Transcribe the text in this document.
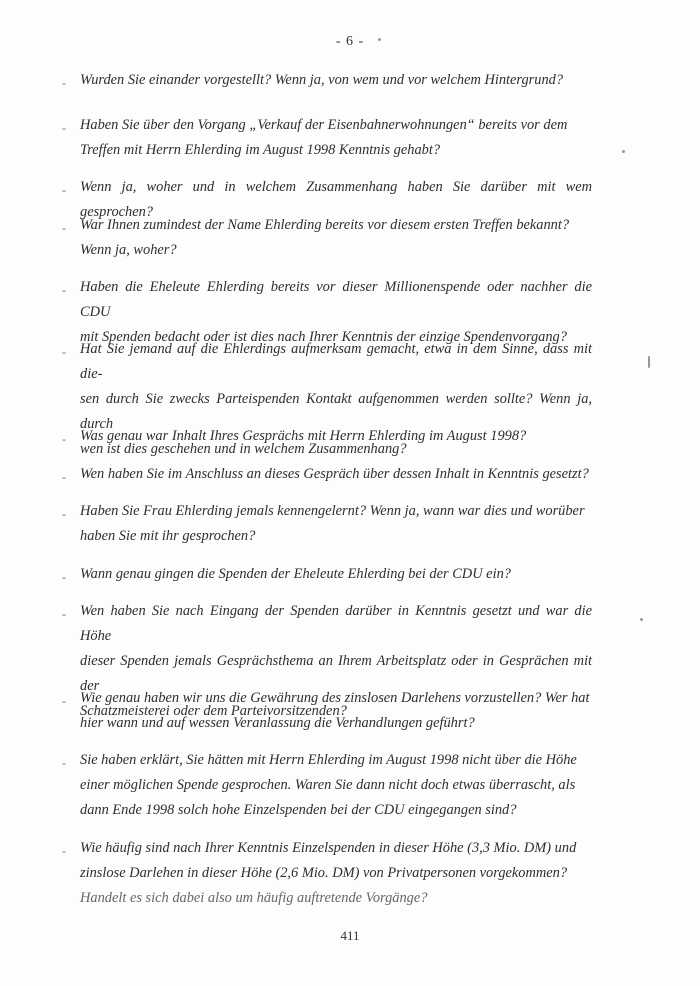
- 6 -
Wurden Sie einander vorgestellt? Wenn ja, von wem und vor welchem Hintergrund?
Haben Sie über den Vorgang „Verkauf der Eisenbahnerwohnungen“ bereits vor dem
Treffen mit Herrn Ehlerding im August 1998 Kenntnis gehabt?
Wenn ja, woher und in welchem Zusammenhang haben Sie darüber mit wem gesprochen?
War Ihnen zumindest der Name Ehlerding bereits vor diesem ersten Treffen bekannt?
Wenn ja, woher?
Haben die Eheleute Ehlerding bereits vor dieser Millionenspende oder nachher die CDU
mit Spenden bedacht oder ist dies nach Ihrer Kenntnis der einzige Spendenvorgang?
Hat Sie jemand auf die Ehlerdings aufmerksam gemacht, etwa in dem Sinne, dass mit die-
sen durch Sie zwecks Parteispenden Kontakt aufgenommen werden sollte? Wenn ja, durch
wen ist dies geschehen und in welchem Zusammenhang?
Was genau war Inhalt Ihres Gesprächs mit Herrn Ehlerding im August 1998?
Wen haben Sie im Anschluss an dieses Gespräch über dessen Inhalt in Kenntnis gesetzt?
Haben Sie Frau Ehlerding jemals kennengelernt? Wenn ja, wann war dies und worüber
haben Sie mit ihr gesprochen?
Wann genau gingen die Spenden der Eheleute Ehlerding bei der CDU ein?
Wen haben Sie nach Eingang der Spenden darüber in Kenntnis gesetzt und war die Höhe
dieser Spenden jemals Gesprächsthema an Ihrem Arbeitsplatz oder in Gesprächen mit der
Schatzmeisterei oder dem Parteivorsitzenden?
Wie genau haben wir uns die Gewährung des zinslosen Darlehens vorzustellen? Wer hat
hier wann und auf wessen Veranlassung die Verhandlungen geführt?
Sie haben erklärt, Sie hätten mit Herrn Ehlerding im August 1998 nicht über die Höhe
einer möglichen Spende gesprochen. Waren Sie dann nicht doch etwas überrascht, als
dann Ende 1998 solch hohe Einzelspenden bei der CDU eingegangen sind?
Wie häufig sind nach Ihrer Kenntnis Einzelspenden in dieser Höhe (3,3 Mio. DM) und
zinslose Darlehen in dieser Höhe (2,6 Mio. DM) von Privatpersonen vorgekommen?
Handelt es sich dabei also um häufig auftretende Vorgänge?
-
-
-
-
-
-
-
-
-
-
-
-
-
-
411
